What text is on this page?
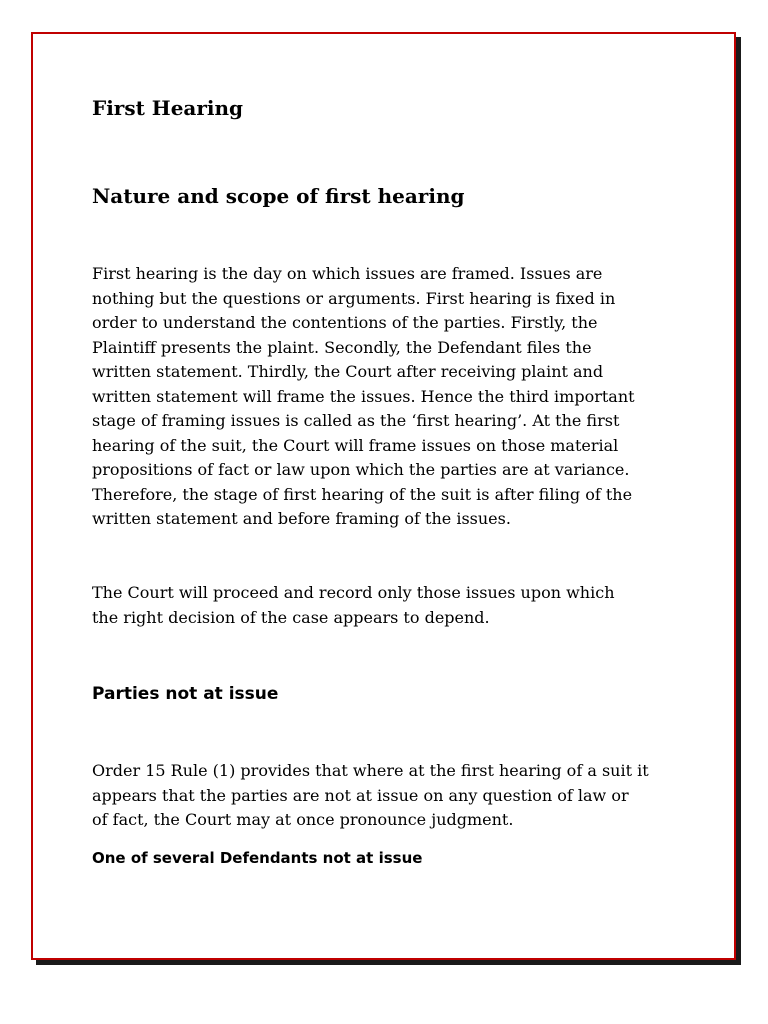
First Hearing
Nature and scope of first hearing

First hearing is the day on which issues are framed. Issues are
nothing but the questions or arguments. First hearing is fixed in
order to understand the contentions of the parties. Firstly, the
Plaintiff presents the plaint. Secondly, the Defendant files the
written statement. Thirdly, the Court after receiving plaint and
written statement will frame the issues. Hence the third important
stage of framing issues is called as the ‘first hearing’. At the first
hearing of the suit, the Court will frame issues on those material
propositions of fact or law upon which the parties are at variance.
Therefore, the stage of first hearing of the suit is after filing of the
written statement and before framing of the issues.

The Court will proceed and record only those issues upon which
the right decision of the case appears to depend.

Parties not at issue

Order 15 Rule (1) provides that where at the first hearing of a suit it
appears that the parties are not at issue on any question of law or
of fact, the Court may at once pronounce judgment.

One of several Defendants not at issue
